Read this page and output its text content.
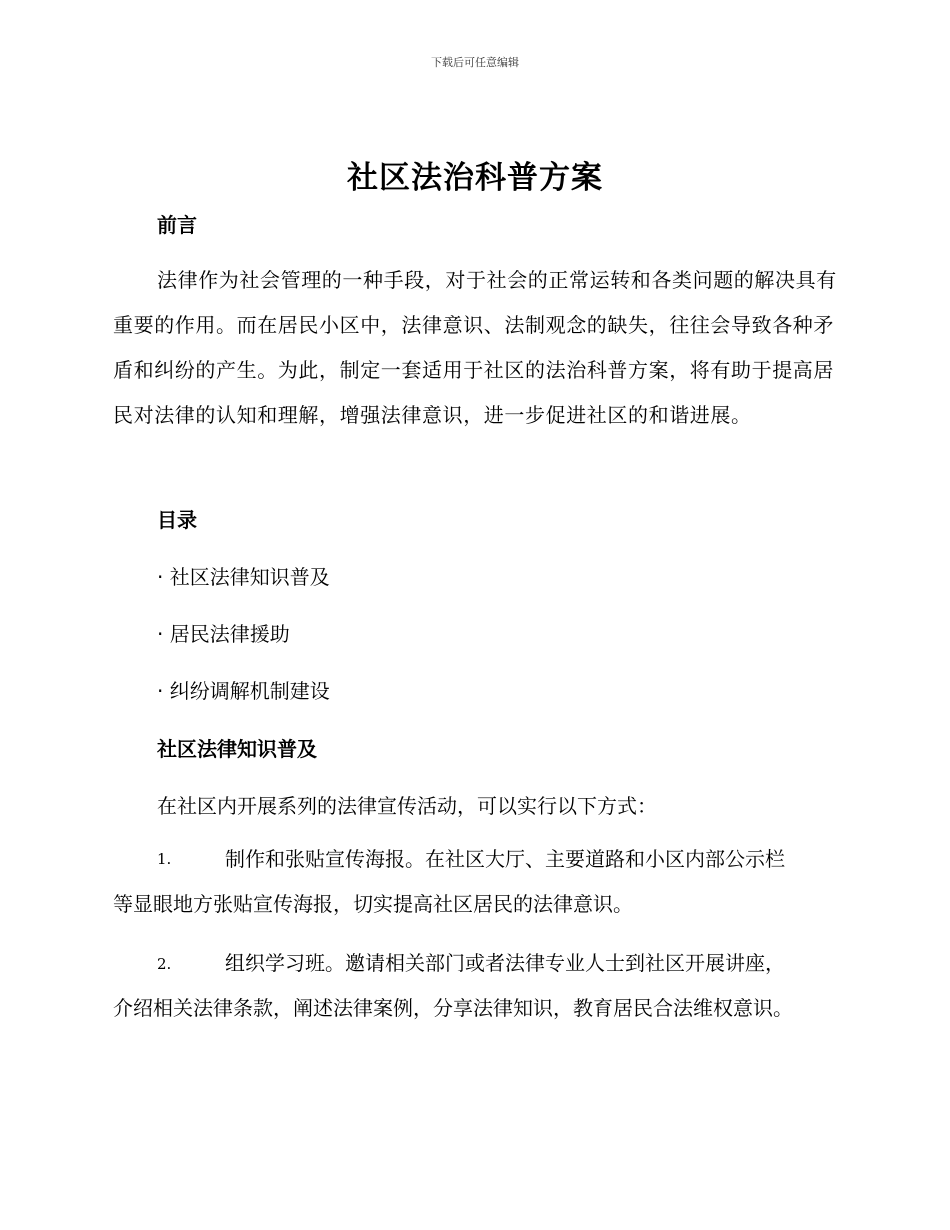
下载后可任意编辑
社区法治科普方案
前言
法律作为社会管理的一种手段，对于社会的正常运转和各类问题的解决具有重要的作用。而在居民小区中，法律意识、法制观念的缺失，往往会导致各种矛盾和纠纷的产生。为此，制定一套适用于社区的法治科普方案，将有助于提高居民对法律的认知和理解，增强法律意识，进一步促进社区的和谐进展。
目录
· 社区法律知识普及
· 居民法律援助
· 纠纷调解机制建设
社区法律知识普及
在社区内开展系列的法律宣传活动，可以实行以下方式：
1.	制作和张贴宣传海报。在社区大厅、主要道路和小区内部公示栏
等显眼地方张贴宣传海报，切实提高社区居民的法律意识。
2.	组织学习班。邀请相关部门或者法律专业人士到社区开展讲座，
介绍相关法律条款，阐述法律案例，分享法律知识，教育居民合法维权意识。
